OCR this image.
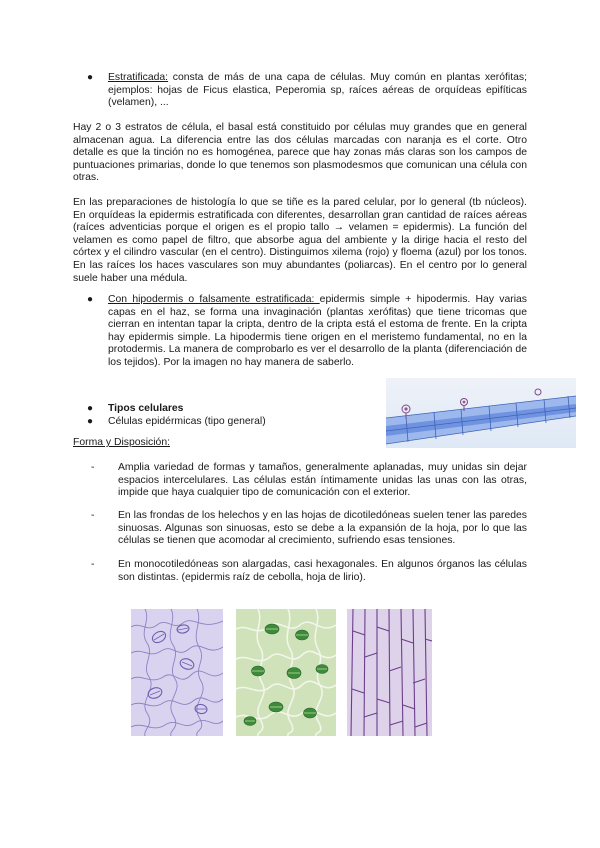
● Estratificada: consta de más de una capa de células. Muy común en plantas xerófitas; ejemplos: hojas de Ficus elastica, Peperomia sp, raíces aéreas de orquídeas epifíticas (velamen), ...

Hay 2 o 3 estratos de célula, el basal está constituido por células muy grandes que en general almacenan agua. La diferencia entre las dos células marcadas con naranja es el corte. Otro detalle es que la tinción no es homogénea, parece que hay zonas más claras son los campos de puntuaciones primarias, donde lo que tenemos son plasmodesmos que comunican una célula con otras.

En las preparaciones de histología lo que se tiñe es la pared celular, por lo general (tb núcleos). En orquídeas la epidermis estratificada con diferentes, desarrollan gran cantidad de raíces aéreas (raíces adventicias porque el origen es el propio tallo → velamen = epidermis). La función del velamen es como papel de filtro, que absorbe agua del ambiente y la dirige hacia el resto del córtex y el cilindro vascular (en el centro). Distinguimos xilema (rojo) y floema (azul) por los tonos. En las raíces los haces vasculares son muy abundantes (poliarcas). En el centro por lo general suele haber una médula.

● Con hipodermis o falsamente estratificada: epidermis simple + hipodermis. Hay varias capas en el haz, se forma una invaginación (plantas xerófitas) que tiene tricomas que cierran en intentan tapar la cripta, dentro de la cripta está el estoma de frente. En la cripta hay epidermis simple. La hipodermis tiene origen en el meristemo fundamental, no en la protodermis. La manera de comprobarlo es ver el desarrollo de la planta (diferenciación de los tejidos). Por la imagen no hay manera de saberlo.
● Tipos celulares
● Células epidérmicas (tipo general)
Forma y Disposición:
- Amplia variedad de formas y tamaños, generalmente aplanadas, muy unidas sin dejar espacios intercelulares. Las células están íntimamente unidas las unas con las otras, impide que haya cualquier tipo de comunicación con el exterior.
- En las frondas de los helechos y en las hojas de dicotiledóneas suelen tener las paredes sinuosas. Algunas son sinuosas, esto se debe a la expansión de la hoja, por lo que las células se tienen que acomodar al crecimiento, sufriendo esas tensiones.
- En monocotiledóneas son alargadas, casi hexagonales. En algunos órganos las células son distintas. (epidermis raíz de cebolla, hoja de lirio).
